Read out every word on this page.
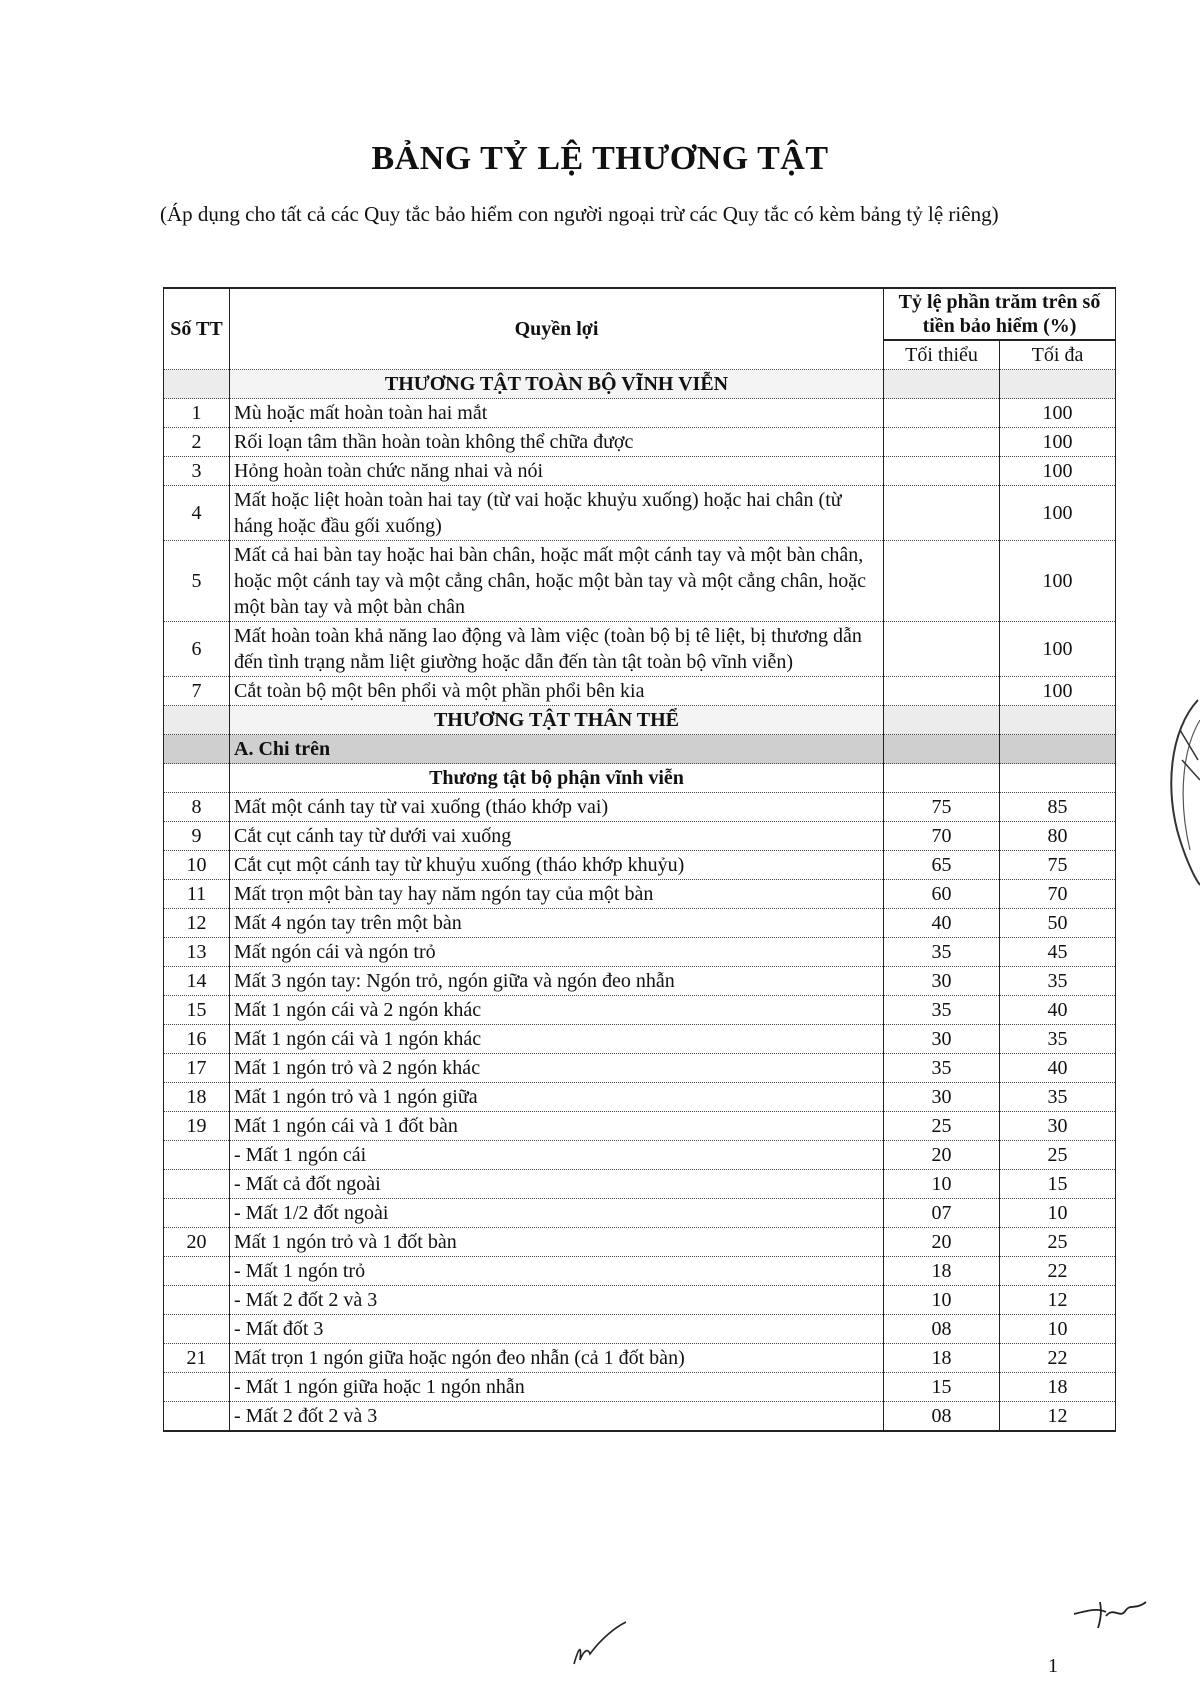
BẢNG TỶ LỆ THƯƠNG TẬT
(Áp dụng cho tất cả các Quy tắc bảo hiểm con người ngoại trừ các Quy tắc có kèm bảng tỷ lệ riêng)
Số TT	Quyền lợi	Tỷ lệ phần trăm trên số tiền bảo hiểm (%)	
		Tối thiểu	Tối đa
	THƯƠNG TẬT TOÀN BỘ VĨNH VIỄN		
1	Mù hoặc mất hoàn toàn hai mắt		100
2	Rối loạn tâm thần hoàn toàn không thể chữa được		100
3	Hỏng hoàn toàn chức năng nhai và nói		100
4	Mất hoặc liệt hoàn toàn hai tay (từ vai hoặc khuỷu xuống) hoặc hai chân (từ háng hoặc đầu gối xuống)		100
5	Mất cả hai bàn tay hoặc hai bàn chân, hoặc mất một cánh tay và một bàn chân, hoặc một cánh tay và một cẳng chân, hoặc một bàn tay và một cẳng chân, hoặc một bàn tay và một bàn chân		100
6	Mất hoàn toàn khả năng lao động và làm việc (toàn bộ bị tê liệt, bị thương dẫn đến tình trạng nằm liệt giường hoặc dẫn đến tàn tật toàn bộ vĩnh viễn)		100
7	Cắt toàn bộ một bên phổi và một phần phổi bên kia		100
	THƯƠNG TẬT THÂN THỂ		
	A. Chi trên		
	Thương tật bộ phận vĩnh viễn		
8	Mất một cánh tay từ vai xuống (tháo khớp vai)	75	85
9	Cắt cụt cánh tay từ dưới vai xuống	70	80
10	Cắt cụt một cánh tay từ khuỷu xuống (tháo khớp khuỷu)	65	75
11	Mất trọn một bàn tay hay năm ngón tay của một bàn	60	70
12	Mất 4 ngón tay trên một bàn	40	50
13	Mất ngón cái và ngón trỏ	35	45
14	Mất 3 ngón tay: Ngón trỏ, ngón giữa và ngón đeo nhẫn	30	35
15	Mất 1 ngón cái và 2 ngón khác	35	40
16	Mất 1 ngón cái và 1 ngón khác	30	35
17	Mất 1 ngón trỏ và 2 ngón khác	35	40
18	Mất 1 ngón trỏ và 1 ngón giữa	30	35
19	Mất 1 ngón cái và 1 đốt bàn	25	30
	- Mất 1 ngón cái	20	25
	- Mất cả đốt ngoài	10	15
	- Mất 1/2 đốt ngoài	07	10
20	Mất 1 ngón trỏ và 1 đốt bàn	20	25
	- Mất 1 ngón trỏ	18	22
	- Mất 2 đốt 2 và 3	10	12
	- Mất đốt 3	08	10
21	Mất trọn 1 ngón giữa hoặc ngón đeo nhẫn (cả 1 đốt bàn)	18	22
	- Mất 1 ngón giữa hoặc 1 ngón nhẫn	15	18
	- Mất 2 đốt 2 và 3	08	12
1
